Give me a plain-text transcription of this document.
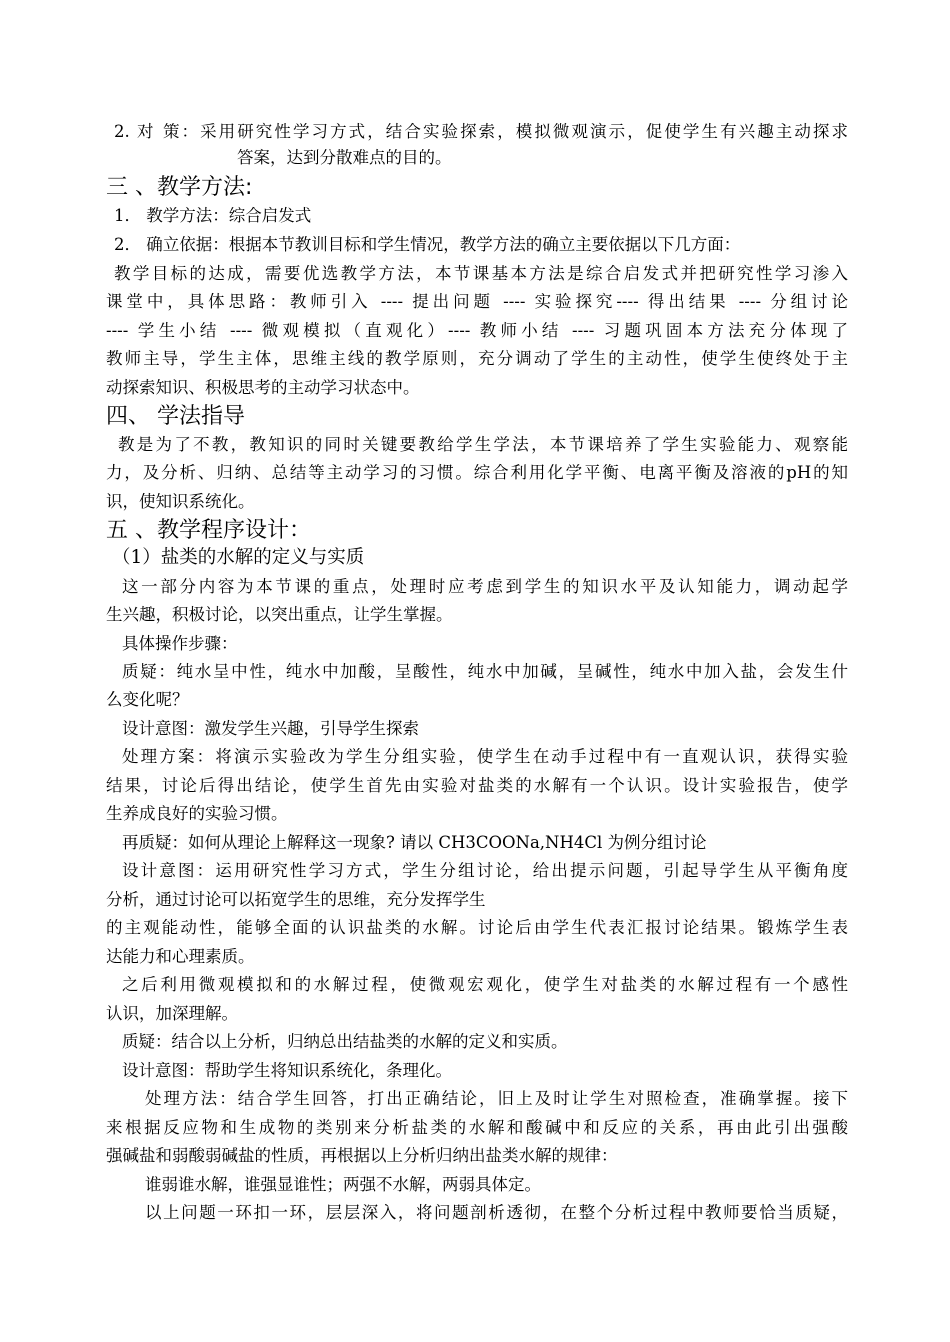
2. 对 策：采用研究性学习方式，结合实验探索，模拟微观演示，促使学生有兴趣主动探求
答案，达到分散难点的目的。
三 、教学方法:
1． 教学方法：综合启发式
2． 确立依据：根据本节教训目标和学生情况，教学方法的确立主要依据以下几方面：
教学目标的达成，需要优选教学方法，本节课基本方法是综合启发式并把研究性学习渗入
课堂中，具体思路：教师引入 ---- 提出问题 ---- 实验探究---- 得出结果 ---- 分组讨论
---- 学生小结 ---- 微观模拟（直观化）---- 教师小结 ---- 习题巩固本方法充分体现了
教师主导，学生主体，思维主线的教学原则，充分调动了学生的主动性，使学生使终处于主
动探索知识、积极思考的主动学习状态中。
四、 学法指导
教是为了不教，教知识的同时关键要教给学生学法，本节课培养了学生实验能力、观察能
力，及分析、归纳、总结等主动学习的习惯。综合利用化学平衡、电离平衡及溶液的pH的知
识，使知识系统化。
五 、教学程序设计：
（1）盐类的水解的定义与实质
这一部分内容为本节课的重点，处理时应考虑到学生的知识水平及认知能力，调动起学
生兴趣，积极讨论，以突出重点，让学生掌握。
具体操作步骤：
质疑：纯水呈中性，纯水中加酸，呈酸性，纯水中加碱，呈碱性，纯水中加入盐，会发生什
么变化呢？
设计意图：激发学生兴趣，引导学生探索
处理方案：将演示实验改为学生分组实验，使学生在动手过程中有一直观认识，获得实验
结果，讨论后得出结论，使学生首先由实验对盐类的水解有一个认识。设计实验报告，使学
生养成良好的实验习惯。
再质疑：如何从理论上解释这一现象? 请以 CH3COONa,NH4Cl 为例分组讨论
设计意图：运用研究性学习方式，学生分组讨论，给出提示问题，引起导学生从平衡角度
分析，通过讨论可以拓宽学生的思维，充分发挥学生
的主观能动性，能够全面的认识盐类的水解。讨论后由学生代表汇报讨论结果。锻炼学生表
达能力和心理素质。
之后利用微观模拟和的水解过程，使微观宏观化，使学生对盐类的水解过程有一个感性
认识，加深理解。
质疑：结合以上分析，归纳总出结盐类的水解的定义和实质。
设计意图：帮助学生将知识系统化，条理化。
处理方法：结合学生回答，打出正确结论，旧上及时让学生对照检查，准确掌握。接下
来根据反应物和生成物的类别来分析盐类的水解和酸碱中和反应的关系，再由此引出强酸
强碱盐和弱酸弱碱盐的性质，再根据以上分析归纳出盐类水解的规律：
谁弱谁水解，谁强显谁性；两强不水解，两弱具体定。
以上问题一环扣一环，层层深入，将问题剖析透彻，在整个分析过程中教师要恰当质疑，
